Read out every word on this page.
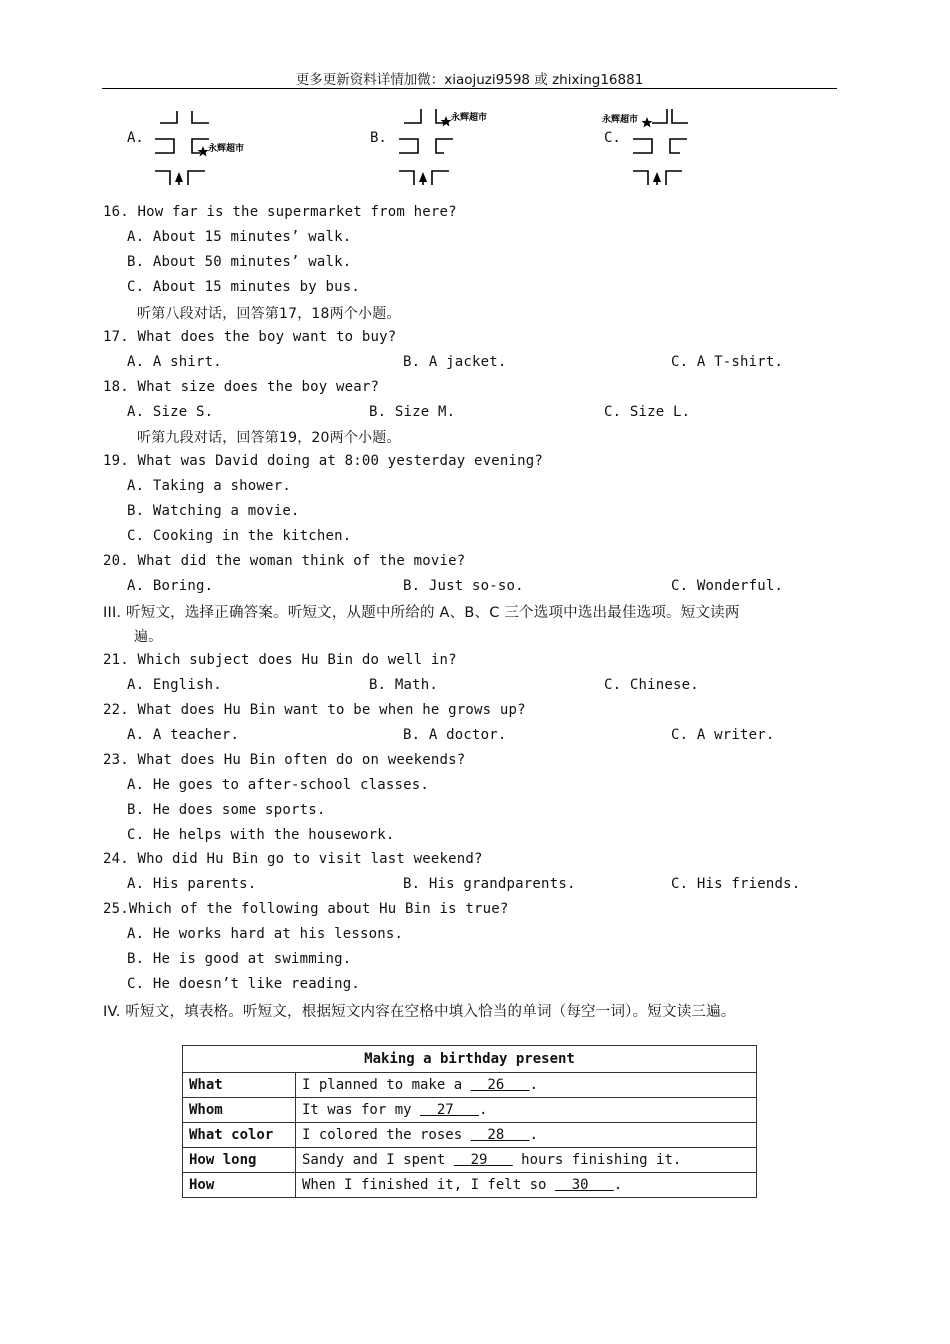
更多更新资料详情加微：xiaojuzi9598 或 zhixing16881
A.
永辉超市
B.
永辉超市
C.
永辉超市
16. How far is the supermarket from here?
A. About 15 minutes’ walk.
B. About 50 minutes’ walk.
C. About 15 minutes by bus.
听第八段对话，回答第17，18两个小题。
17. What does the boy want to buy?
A. A shirt.	B. A jacket.	C. A T-shirt.
18. What size does the boy wear?
A. Size S.	B. Size M.	C. Size L.
听第九段对话，回答第19，20两个小题。
19. What was David doing at 8:00 yesterday evening?
A. Taking a shower.
B. Watching a movie.
C. Cooking in the kitchen.
20. What did the woman think of the movie?
A. Boring.	B. Just so-so.	C. Wonderful.
III. 听短文，选择正确答案。听短文，从题中所给的 A、B、C 三个选项中选出最佳选项。短文读两
遍。
21. Which subject does Hu Bin do well in?
A. English.	B. Math.	C. Chinese.
22. What does Hu Bin want to be when he grows up?
A. A teacher.	B. A doctor.	C. A writer.
23. What does Hu Bin often do on weekends?
A. He goes to after-school classes.
B. He does some sports.
C. He helps with the housework.
24. Who did Hu Bin go to visit last weekend?
A. His parents.	B. His grandparents.	C. His friends.
25.Which of the following about Hu Bin is true?
A. He works hard at his lessons.
B. He is good at swimming.
C. He doesn’t like reading.
IV. 听短文，填表格。听短文，根据短文内容在空格中填入恰当的单词（每空一词）。短文读三遍。
Making a birthday present	
What	I planned to make a   26   .
Whom	It was for my   27   .
What color	I colored the roses   28   .
How long	Sandy and I spent   29    hours finishing it.
How	When I finished it, I felt so   30   .
